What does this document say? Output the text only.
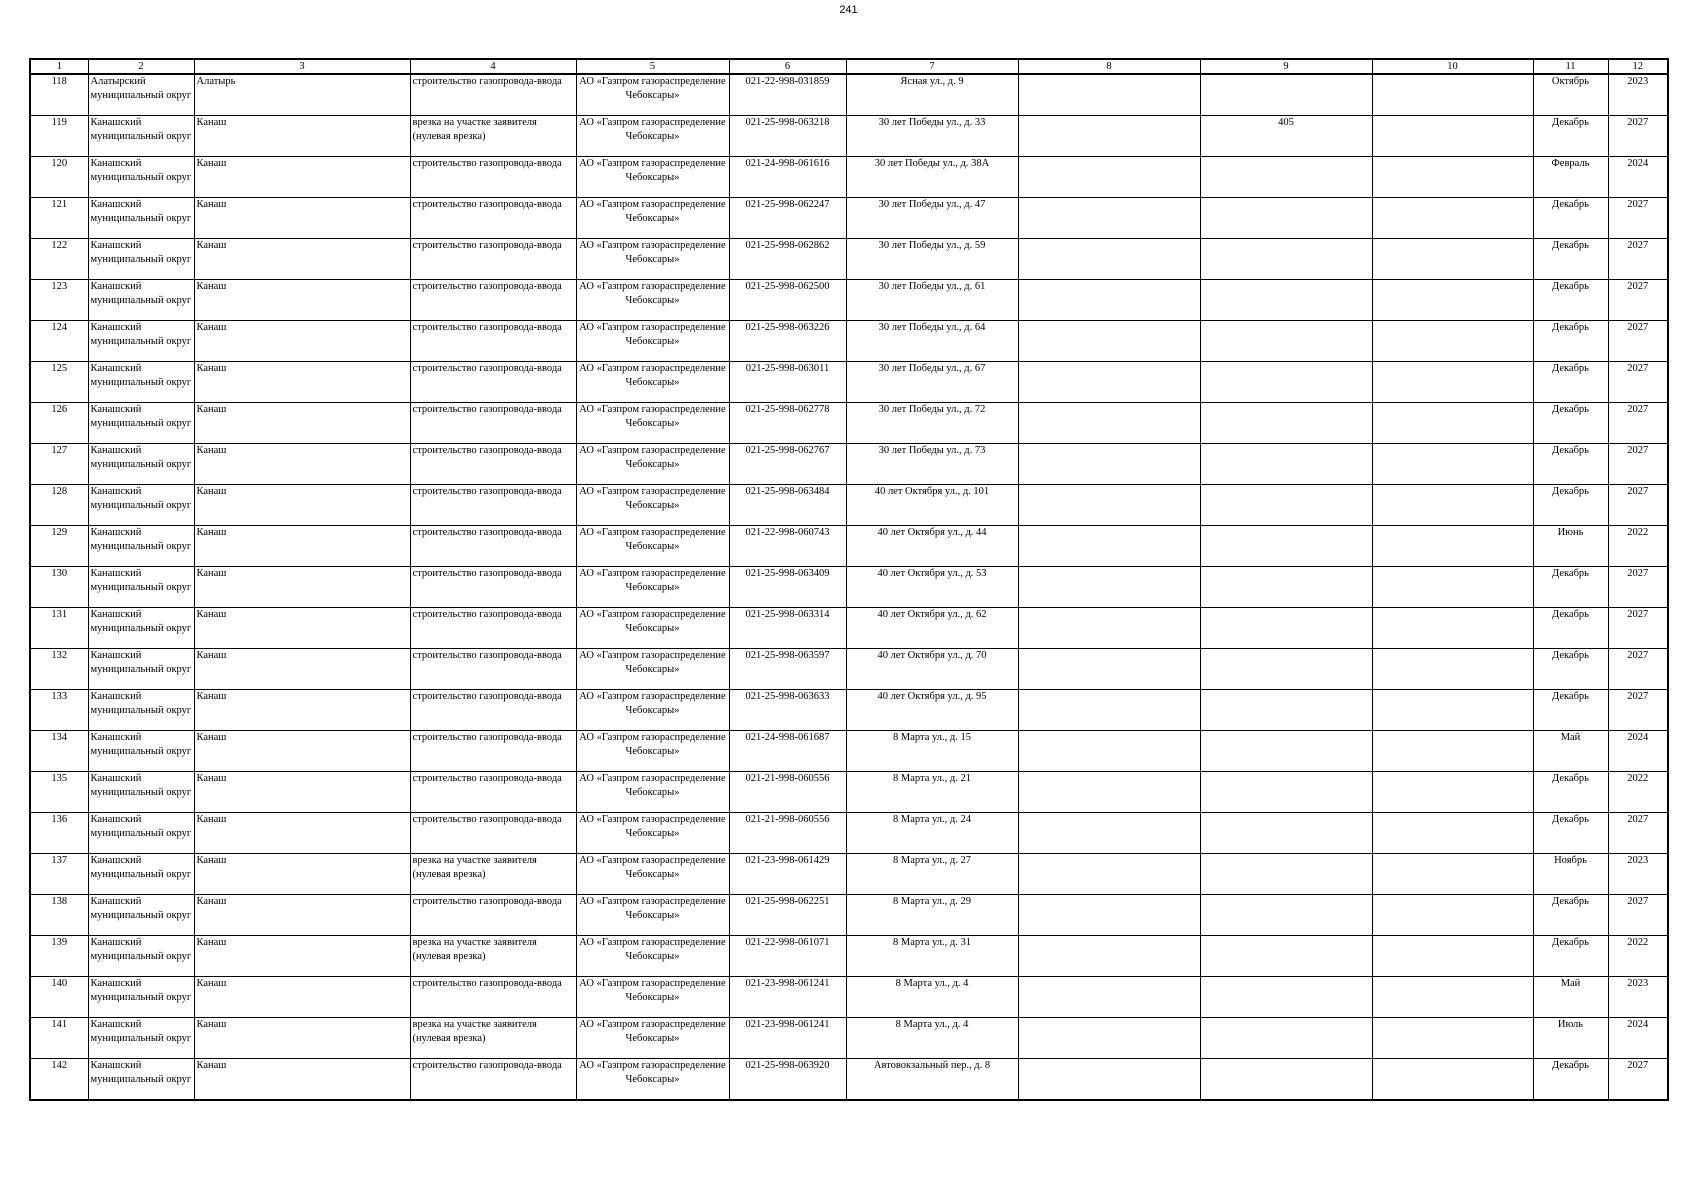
241
1	2	3	4	5	6	7	8	9	10	11	12

118	Алатырский муниципальный округ	Алатырь	строительство газопровода-ввода	АО «Газпром газораспределение Чебоксары»	021-22-998-031859	Ясная ул., д. 9				Октябрь	2023

119	Канашский муниципальный округ	Канаш	врезка на участке заявителя (нулевая врезка)	АО «Газпром газораспределение Чебоксары»	021-25-998-063218	30 лет Победы ул., д. 33		405		Декабрь	2027

120	Канашский муниципальный округ	Канаш	строительство газопровода-ввода	АО «Газпром газораспределение Чебоксары»	021-24-998-061616	30 лет Победы ул., д. 38А				Февраль	2024

121	Канашский муниципальный округ	Канаш	строительство газопровода-ввода	АО «Газпром газораспределение Чебоксары»	021-25-998-062247	30 лет Победы ул., д. 47				Декабрь	2027

122	Канашский муниципальный округ	Канаш	строительство газопровода-ввода	АО «Газпром газораспределение Чебоксары»	021-25-998-062862	30 лет Победы ул., д. 59				Декабрь	2027

123	Канашский муниципальный округ	Канаш	строительство газопровода-ввода	АО «Газпром газораспределение Чебоксары»	021-25-998-062500	30 лет Победы ул., д. 61				Декабрь	2027

124	Канашский муниципальный округ	Канаш	строительство газопровода-ввода	АО «Газпром газораспределение Чебоксары»	021-25-998-063226	30 лет Победы ул., д. 64				Декабрь	2027

125	Канашский муниципальный округ	Канаш	строительство газопровода-ввода	АО «Газпром газораспределение Чебоксары»	021-25-998-063011	30 лет Победы ул., д. 67				Декабрь	2027

126	Канашский муниципальный округ	Канаш	строительство газопровода-ввода	АО «Газпром газораспределение Чебоксары»	021-25-998-062778	30 лет Победы ул., д. 72				Декабрь	2027

127	Канашский муниципальный округ	Канаш	строительство газопровода-ввода	АО «Газпром газораспределение Чебоксары»	021-25-998-062767	30 лет Победы ул., д. 73				Декабрь	2027

128	Канашский муниципальный округ	Канаш	строительство газопровода-ввода	АО «Газпром газораспределение Чебоксары»	021-25-998-063484	40 лет Октября ул., д. 101				Декабрь	2027

129	Канашский муниципальный округ	Канаш	строительство газопровода-ввода	АО «Газпром газораспределение Чебоксары»	021-22-998-060743	40 лет Октября ул., д. 44				Июнь	2022

130	Канашский муниципальный округ	Канаш	строительство газопровода-ввода	АО «Газпром газораспределение Чебоксары»	021-25-998-063409	40 лет Октября ул., д. 53				Декабрь	2027

131	Канашский муниципальный округ	Канаш	строительство газопровода-ввода	АО «Газпром газораспределение Чебоксары»	021-25-998-063314	40 лет Октября ул., д. 62				Декабрь	2027

132	Канашский муниципальный округ	Канаш	строительство газопровода-ввода	АО «Газпром газораспределение Чебоксары»	021-25-998-063597	40 лет Октября ул., д. 70				Декабрь	2027

133	Канашский муниципальный округ	Канаш	строительство газопровода-ввода	АО «Газпром газораспределение Чебоксары»	021-25-998-063633	40 лет Октября ул., д. 95				Декабрь	2027

134	Канашский муниципальный округ	Канаш	строительство газопровода-ввода	АО «Газпром газораспределение Чебоксары»	021-24-998-061687	8 Марта ул., д. 15				Май	2024

135	Канашский муниципальный округ	Канаш	строительство газопровода-ввода	АО «Газпром газораспределение Чебоксары»	021-21-998-060556	8 Марта ул., д. 21				Декабрь	2022

136	Канашский муниципальный округ	Канаш	строительство газопровода-ввода	АО «Газпром газораспределение Чебоксары»	021-21-998-060556	8 Марта ул., д. 24				Декабрь	2027

137	Канашский муниципальный округ	Канаш	врезка на участке заявителя (нулевая врезка)	АО «Газпром газораспределение Чебоксары»	021-23-998-061429	8 Марта ул., д. 27				Ноябрь	2023

138	Канашский муниципальный округ	Канаш	строительство газопровода-ввода	АО «Газпром газораспределение Чебоксары»	021-25-998-062251	8 Марта ул., д. 29				Декабрь	2027

139	Канашский муниципальный округ	Канаш	врезка на участке заявителя (нулевая врезка)	АО «Газпром газораспределение Чебоксары»	021-22-998-061071	8 Марта ул., д. 31				Декабрь	2022

140	Канашский муниципальный округ	Канаш	строительство газопровода-ввода	АО «Газпром газораспределение Чебоксары»	021-23-998-061241	8 Марта ул., д. 4				Май	2023

141	Канашский муниципальный округ	Канаш	врезка на участке заявителя (нулевая врезка)	АО «Газпром газораспределение Чебоксары»	021-23-998-061241	8 Марта ул., д. 4				Июль	2024

142	Канашский муниципальный округ	Канаш	строительство газопровода-ввода	АО «Газпром газораспределение Чебоксары»	021-25-998-063920	Автовокзальный пер., д. 8				Декабрь	2027
